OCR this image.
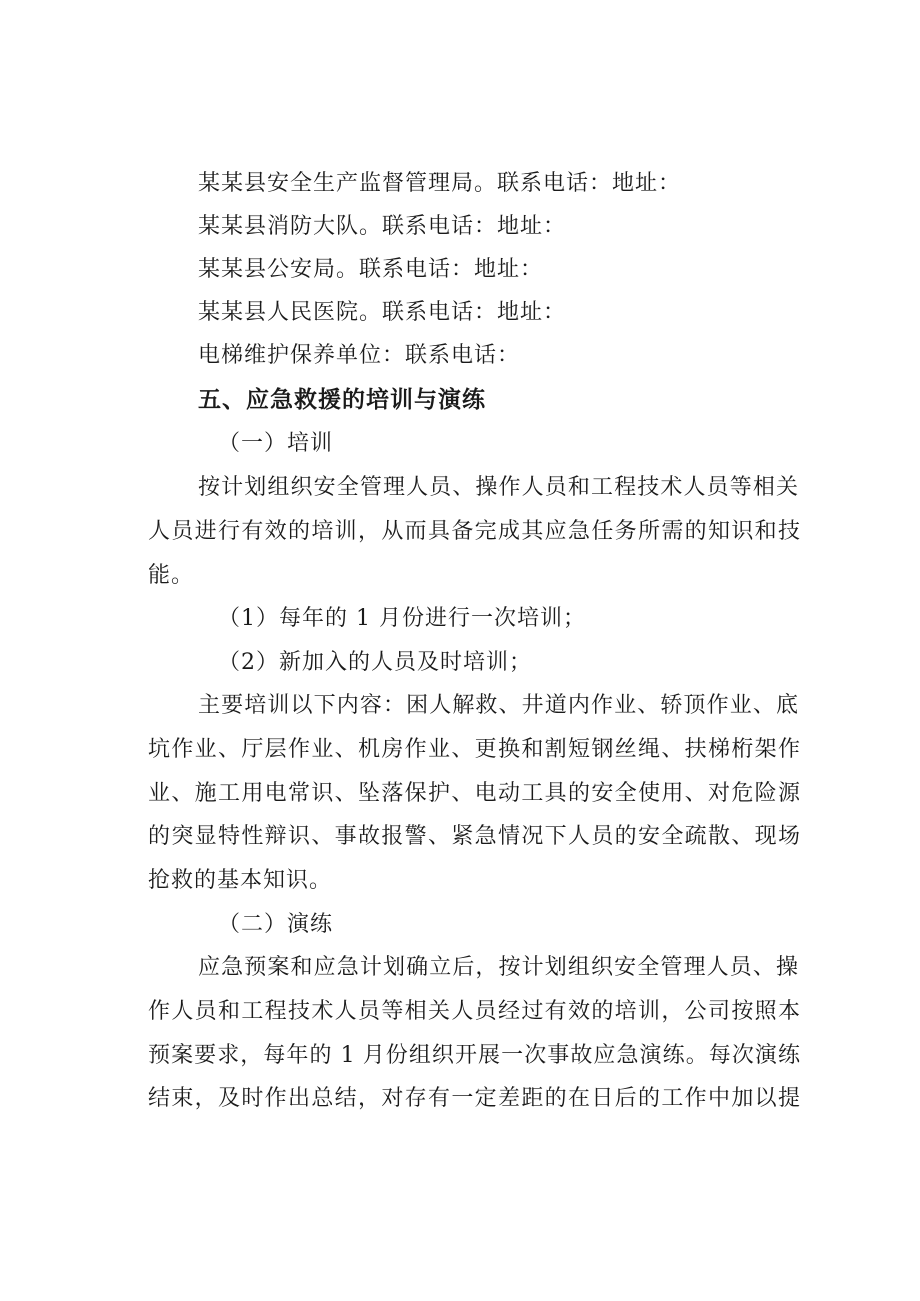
某某县安全生产监督管理局。联系电话：地址：
某某县消防大队。联系电话：地址：
某某县公安局。联系电话：地址：
某某县人民医院。联系电话：地址：
电梯维护保养单位：联系电话：
五、应急救援的培训与演练
（一）培训
按计划组织安全管理人员、操作人员和工程技术人员等相关
人员进行有效的培训，从而具备完成其应急任务所需的知识和技
能。
（1）每年的 1 月份进行一次培训；
（2）新加入的人员及时培训；
主要培训以下内容：困人解救、井道内作业、轿顶作业、底
坑作业、厅层作业、机房作业、更换和割短钢丝绳、扶梯桁架作
业、施工用电常识、坠落保护、电动工具的安全使用、对危险源
的突显特性辩识、事故报警、紧急情况下人员的安全疏散、现场
抢救的基本知识。
（二）演练
应急预案和应急计划确立后，按计划组织安全管理人员、操
作人员和工程技术人员等相关人员经过有效的培训，公司按照本
预案要求，每年的 1 月份组织开展一次事故应急演练。每次演练
结束，及时作出总结，对存有一定差距的在日后的工作中加以提
